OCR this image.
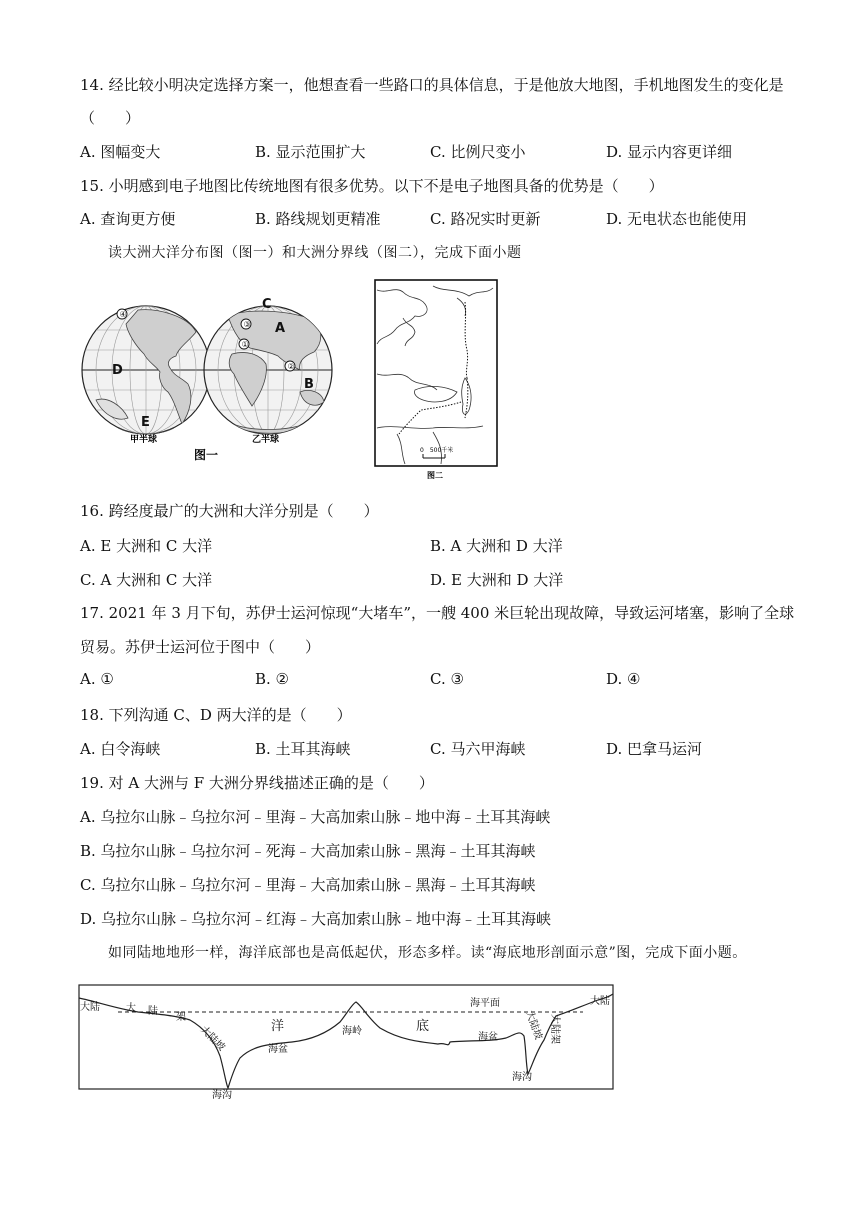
14. 经比较小明决定选择方案一，他想查看一些路口的具体信息，于是他放大地图，手机地图发生的变化是
（　　）
A. 图幅变大	B. 显示范围扩大	C. 比例尺变小	D. 显示内容更详细
15. 小明感到电子地图比传统地图有很多优势。以下不是电子地图具备的优势是（　　）
A. 查询更方便	B. 路线规划更精准	C. 路况实时更新	D. 无电状态也能使用
读大洲大洋分布图（图一）和大洲分界线（图二），完成下面小题
④
①
②
③ A
B
C
D
E
甲半球	乙半球
图一	0　500千米
图二
16. 跨经度最广的大洲和大洋分别是（　　）
A. E 大洲和 C 大洋	B. A 大洲和 D 大洋
C. A 大洲和 C 大洋	D. E 大洲和 D 大洋
17. 2021 年 3 月下旬，苏伊士运河惊现“大堵车”，一艘 400 米巨轮出现故障，导致运河堵塞，影响了全球
贸易。苏伊士运河位于图中（　　）
A. ①	B. ②	C. ③	D. ④
18. 下列沟通 C、D 两大洋的是（　　）
A. 白令海峡	B. 土耳其海峡	C. 马六甲海峡	D. 巴拿马运河
19. 对 A 大洲与 F 大洲分界线描述正确的是（　　）
A. 乌拉尔山脉﹣乌拉尔河﹣里海﹣大高加索山脉﹣地中海﹣土耳其海峡
B. 乌拉尔山脉﹣乌拉尔河﹣死海﹣大高加索山脉﹣黑海﹣土耳其海峡
C. 乌拉尔山脉﹣乌拉尔河﹣里海﹣大高加索山脉﹣黑海﹣土耳其海峡
D. 乌拉尔山脉﹣乌拉尔河﹣红海﹣大高加索山脉﹣地中海﹣土耳其海峡
如同陆地地形一样，海洋底部也是高低起伏，形态多样。读“海底地形剖面示意”图，完成下面小题。
大陆
大陆
海平面
大 陆
架
大陆坡	海盆
海岭
海盆
海沟
海沟
大陆坡 大陆架
洋	底
